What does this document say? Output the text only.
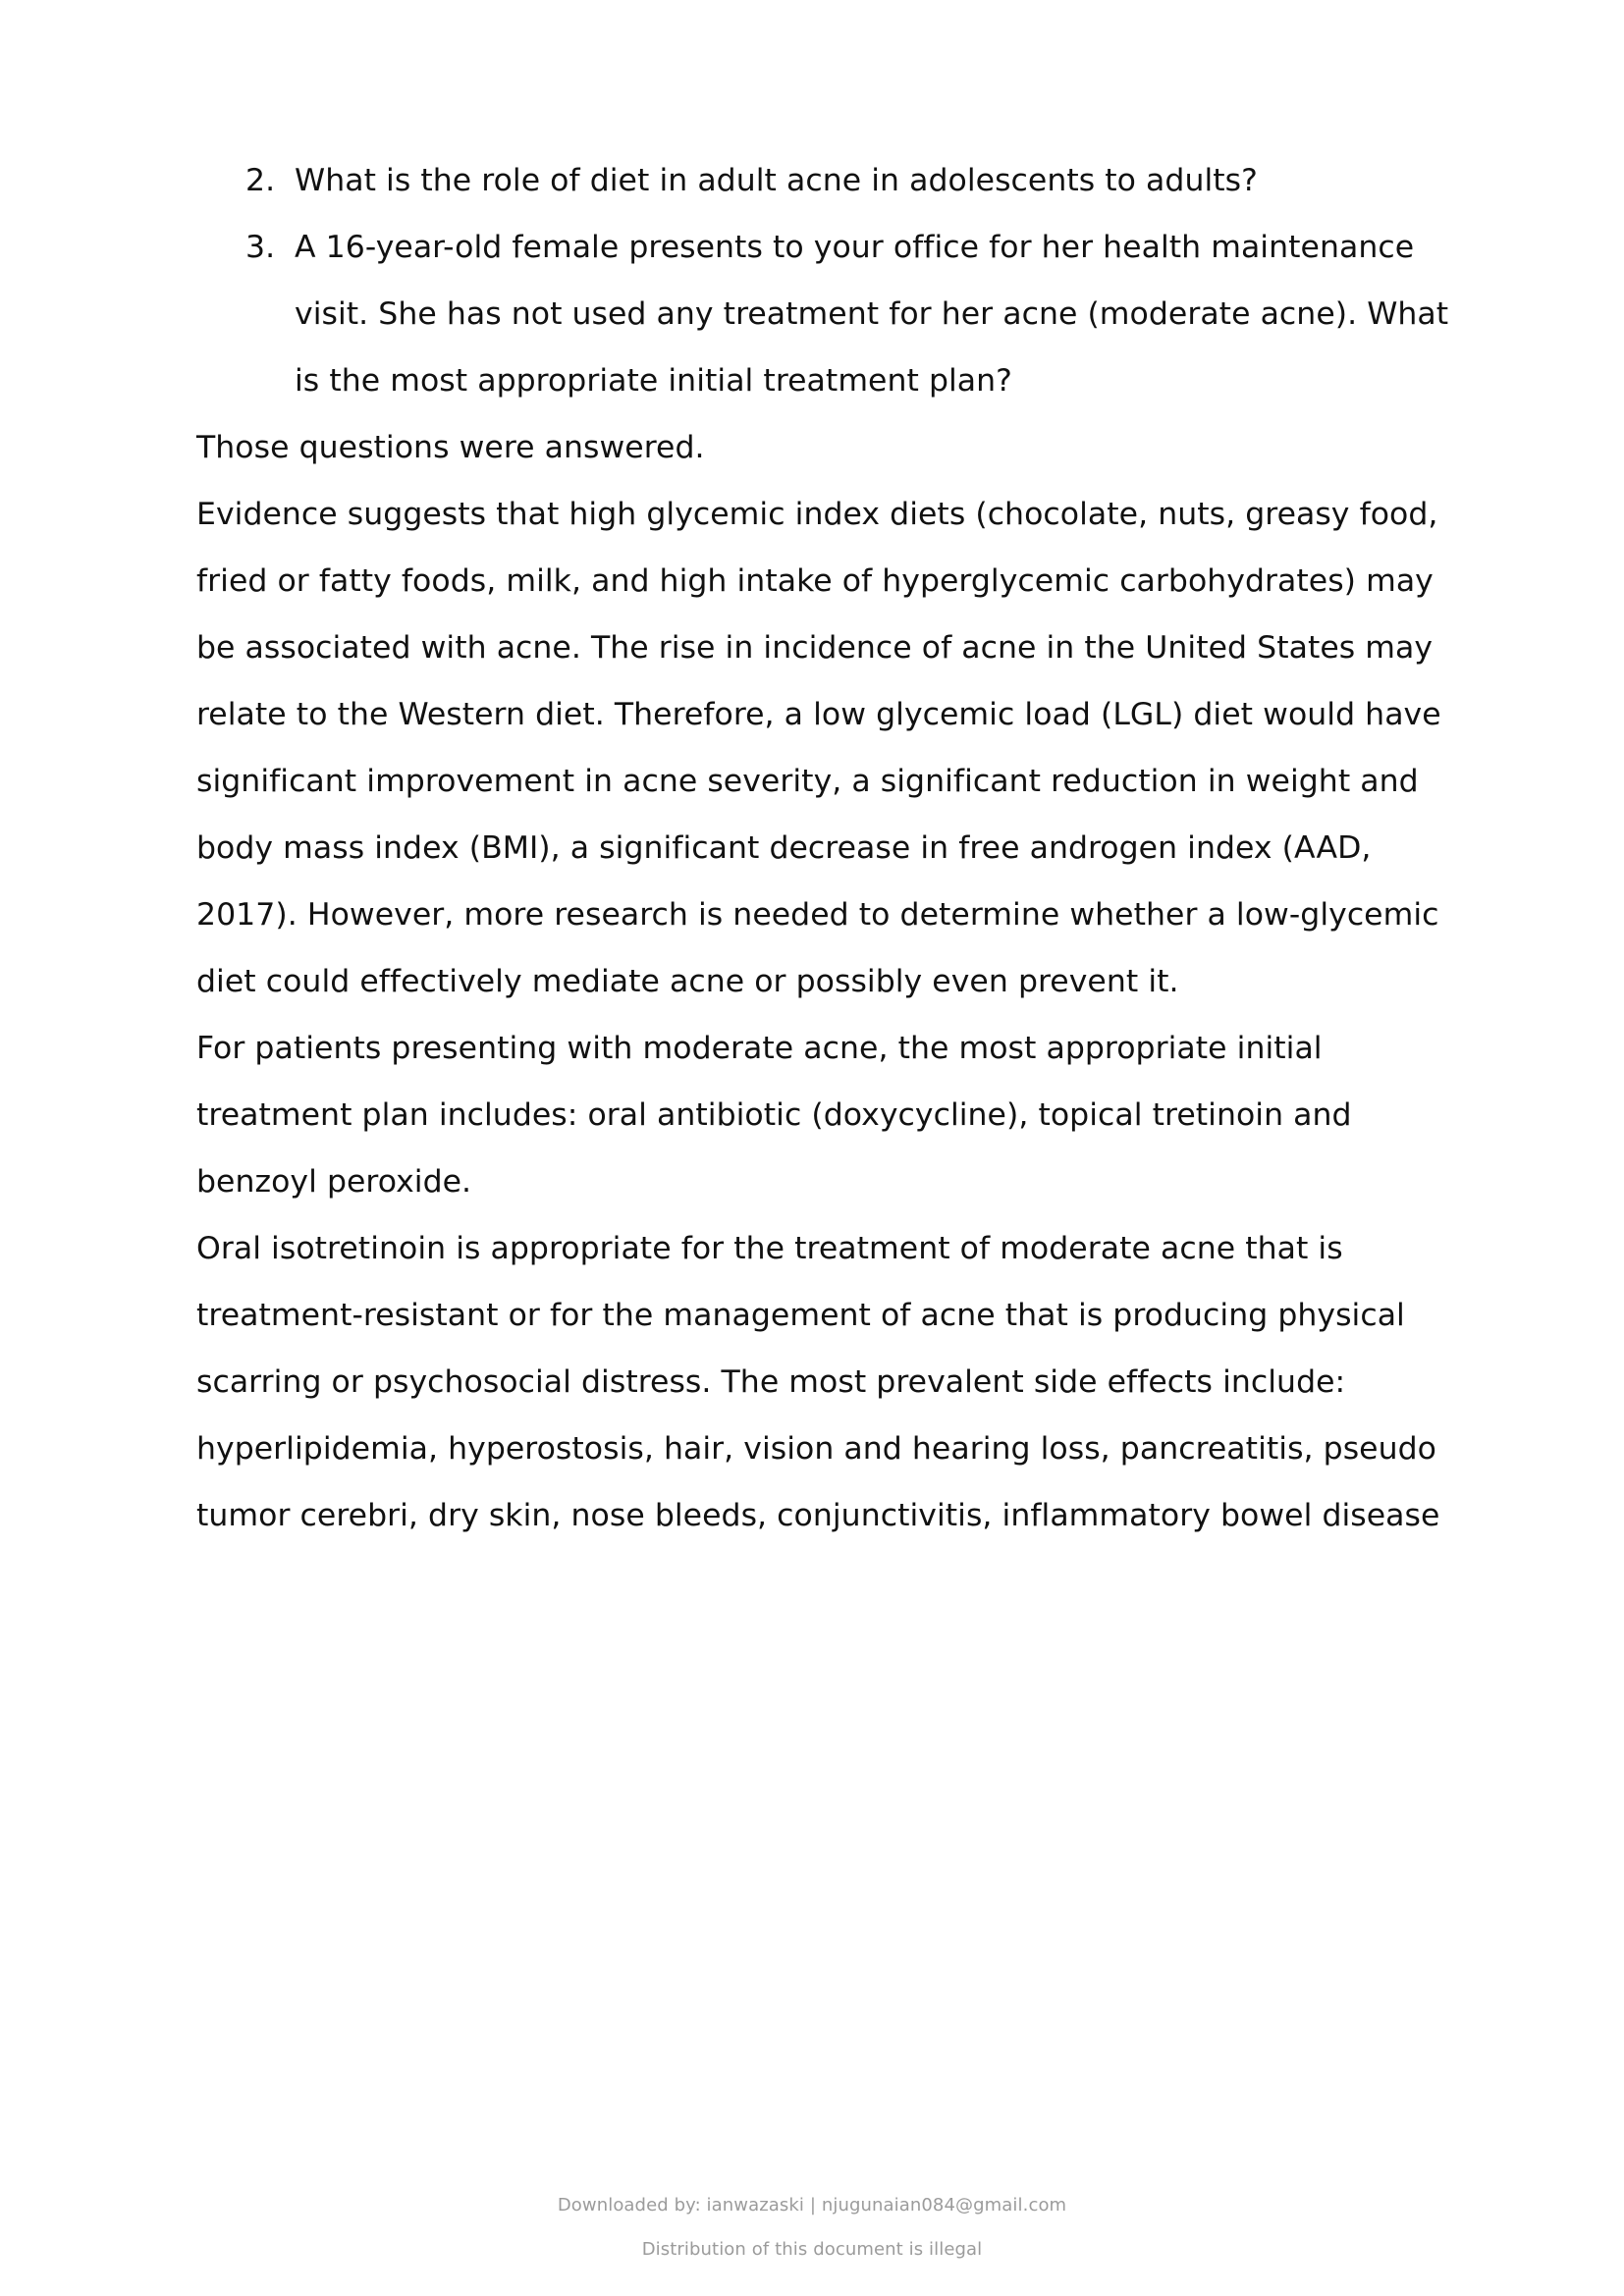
2. What is the role of diet in adult acne in adolescents to adults?
3. A 16-year-old female presents to your office for her health maintenance visit. She has not used any treatment for her acne (moderate acne). What is the most appropriate initial treatment plan?

Those questions were answered.

Evidence suggests that high glycemic index diets (chocolate, nuts, greasy food, fried or fatty foods, milk, and high intake of hyperglycemic carbohydrates) may be associated with acne. The rise in incidence of acne in the United States may relate to the Western diet. Therefore, a low glycemic load (LGL) diet would have significant improvement in acne severity, a significant reduction in weight and body mass index (BMI), a significant decrease in free androgen index (AAD, 2017). However, more research is needed to determine whether a low-glycemic diet could effectively mediate acne or possibly even prevent it.

For patients presenting with moderate acne, the most appropriate initial treatment plan includes: oral antibiotic (doxycycline), topical tretinoin and benzoyl peroxide.

Oral isotretinoin is appropriate for the treatment of moderate acne that is treatment-resistant or for the management of acne that is producing physical scarring or psychosocial distress. The most prevalent side effects include: hyperlipidemia, hyperostosis, hair, vision and hearing loss, pancreatitis, pseudo tumor cerebri, dry skin, nose bleeds, conjunctivitis, inflammatory bowel disease

Downloaded by: ianwazaski | njugunaian084@gmail.com

Distribution of this document is illegal
